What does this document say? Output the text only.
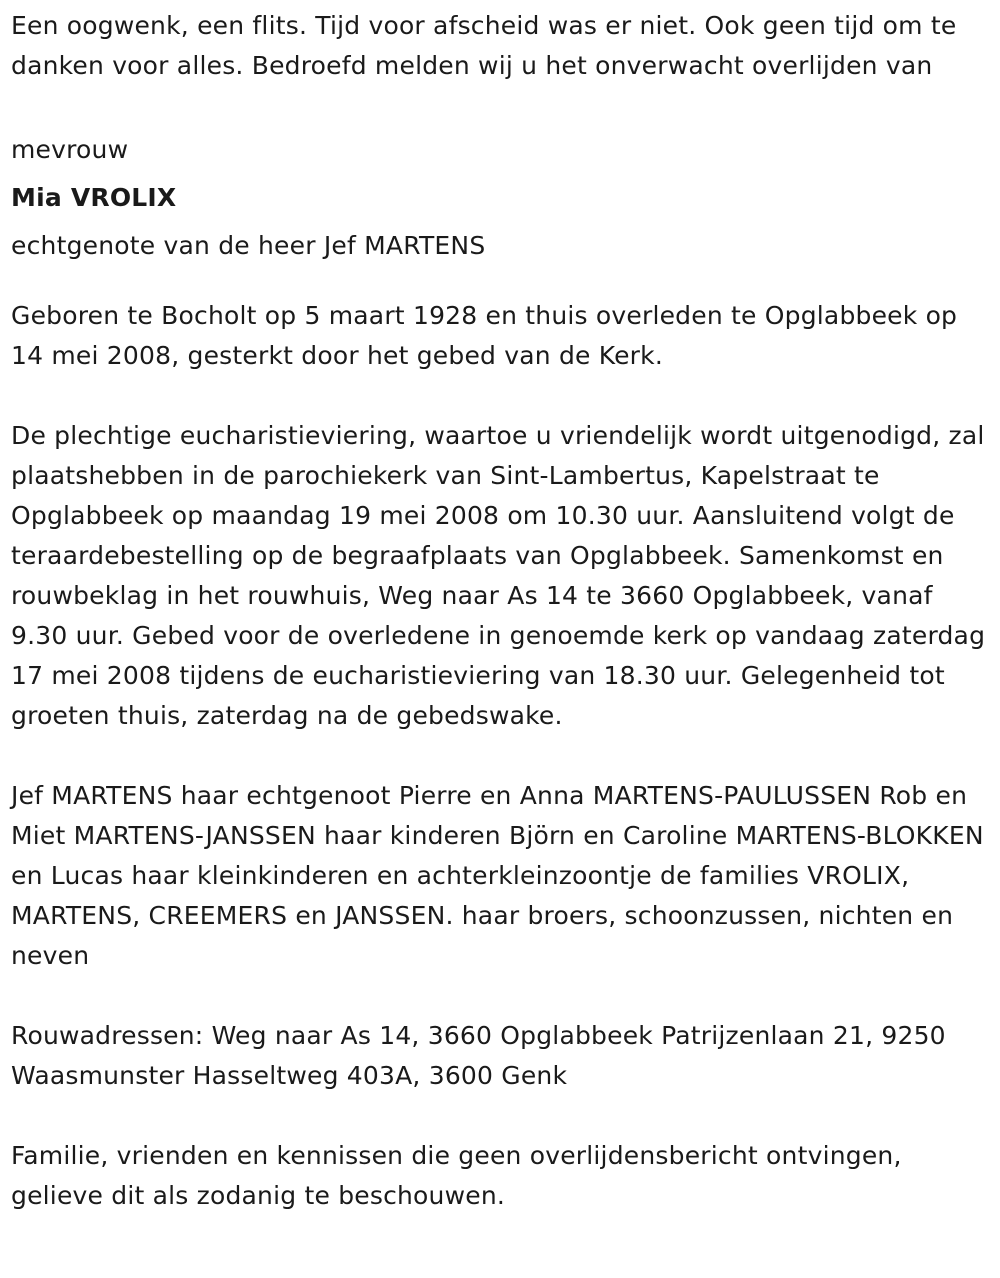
Een oogwenk, een flits. Tijd voor afscheid was er niet. Ook geen tijd om te danken voor alles. Bedroefd melden wij u het onverwacht overlijden van

mevrouw

Mia VROLIX

echtgenote van de heer Jef MARTENS

Geboren te Bocholt op 5 maart 1928 en thuis overleden te Opglabbeek op 14 mei 2008, gesterkt door het gebed van de Kerk.

De plechtige eucharistieviering, waartoe u vriendelijk wordt uitgenodigd, zal plaatshebben in de parochiekerk van Sint-Lambertus, Kapelstraat te Opglabbeek op maandag 19 mei 2008 om 10.30 uur. Aansluitend volgt de teraardebestelling op de begraafplaats van Opglabbeek. Samenkomst en rouwbeklag in het rouwhuis, Weg naar As 14 te 3660 Opglabbeek, vanaf 9.30 uur. Gebed voor de overledene in genoemde kerk op vandaag zaterdag 17 mei 2008 tijdens de eucharistieviering van 18.30 uur. Gelegenheid tot groeten thuis, zaterdag na de gebedswake.

Jef MARTENS haar echtgenoot Pierre en Anna MARTENS-PAULUSSEN Rob en Miet MARTENS-JANSSEN haar kinderen Björn en Caroline MARTENS-BLOKKEN en Lucas haar kleinkinderen en achterkleinzoontje de families VROLIX, MARTENS, CREEMERS en JANSSEN. haar broers, schoonzussen, nichten en neven

Rouwadressen: Weg naar As 14, 3660 Opglabbeek Patrijzenlaan 21, 9250 Waasmunster Hasseltweg 403A, 3600 Genk

Familie, vrienden en kennissen die geen overlijdensbericht ontvingen, gelieve dit als zodanig te beschouwen.
